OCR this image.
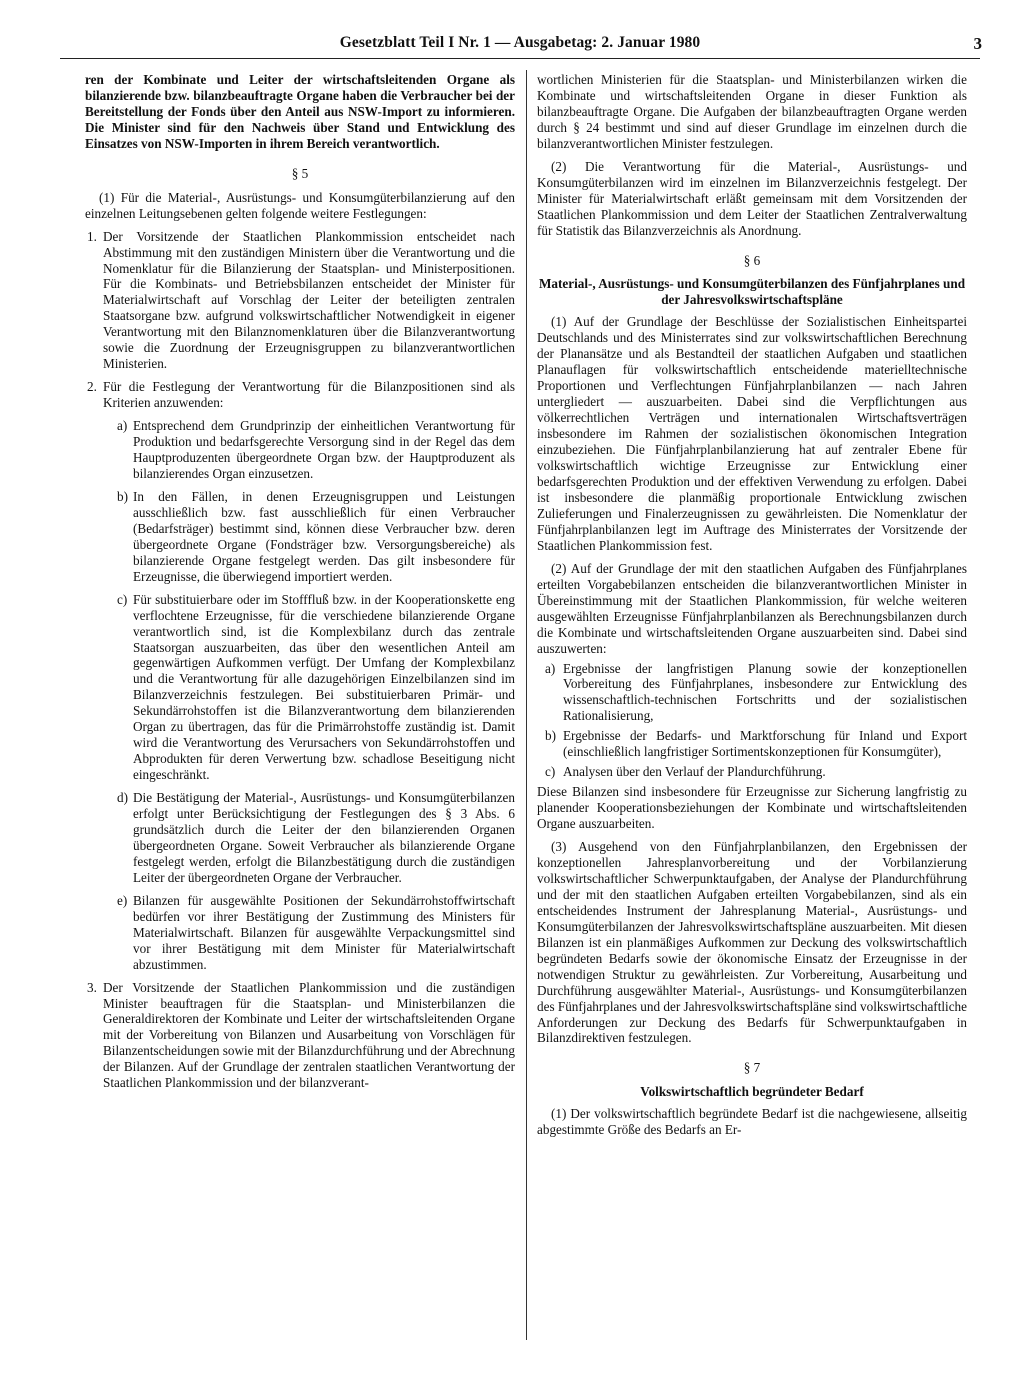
Gesetzblatt Teil I Nr. 1 — Ausgabetag: 2. Januar 1980	3

ren der Kombinate und Leiter der wirtschaftsleitenden Organe als bilanzierende bzw. bilanzbeauftragte Organe haben die Verbraucher bei der Bereitstellung der Fonds über den Anteil aus NSW-Import zu informieren. Die Minister sind für den Nachweis über Stand und Entwicklung des Einsatzes von NSW-Importen in ihrem Bereich verantwortlich.

§ 5

(1) Für die Material-, Ausrüstungs- und Konsumgüterbilanzierung auf den einzelnen Leitungsebenen gelten folgende weitere Festlegungen:

1. Der Vorsitzende der Staatlichen Plankommission entscheidet nach Abstimmung mit den zuständigen Ministern über die Verantwortung und die Nomenklatur für die Bilanzierung der Staatsplan- und Ministerpositionen. Für die Kombinats- und Betriebsbilanzen entscheidet der Minister für Materialwirtschaft auf Vorschlag der Leiter der beteiligten zentralen Staatsorgane bzw. aufgrund volkswirtschaftlicher Notwendigkeit in eigener Verantwortung mit den Bilanznomenklaturen über die Bilanzverantwortung sowie die Zuordnung der Erzeugnisgruppen zu bilanzverantwortlichen Ministerien.
2. Für die Festlegung der Verantwortung für die Bilanzpositionen sind als Kriterien anzuwenden:
a) Entsprechend dem Grundprinzip der einheitlichen Verantwortung für Produktion und bedarfsgerechte Versorgung sind in der Regel das dem Hauptproduzenten übergeordnete Organ bzw. der Hauptproduzent als bilanzierendes Organ einzusetzen.
b) In den Fällen, in denen Erzeugnisgruppen und Leistungen ausschließlich bzw. fast ausschließlich für einen Verbraucher (Bedarfsträger) bestimmt sind, können diese Verbraucher bzw. deren übergeordnete Organe (Fondsträger bzw. Versorgungsbereiche) als bilanzierende Organe festgelegt werden. Das gilt insbesondere für Erzeugnisse, die überwiegend importiert werden.
c) Für substituierbare oder im Stofffluß bzw. in der Kooperationskette eng verflochtene Erzeugnisse, für die verschiedene bilanzierende Organe verantwortlich sind, ist die Komplexbilanz durch das zentrale Staatsorgan auszuarbeiten, das über den wesentlichen Anteil am gegenwärtigen Aufkommen verfügt. Der Umfang der Komplexbilanz und die Verantwortung für alle dazugehörigen Einzelbilanzen sind im Bilanzverzeichnis festzulegen. Bei substituierbaren Primär- und Sekundärrohstoffen ist die Bilanzverantwortung dem bilanzierenden Organ zu übertragen, das für die Primärrohstoffe zuständig ist. Damit wird die Verantwortung des Verursachers von Sekundärrohstoffen und Abprodukten für deren Verwertung bzw. schadlose Beseitigung nicht eingeschränkt.
d) Die Bestätigung der Material-, Ausrüstungs- und Konsumgüterbilanzen erfolgt unter Berücksichtigung der Festlegungen des § 3 Abs. 6 grundsätzlich durch die Leiter der den bilanzierenden Organen übergeordneten Organe. Soweit Verbraucher als bilanzierende Organe festgelegt werden, erfolgt die Bilanzbestätigung durch die zuständigen Leiter der übergeordneten Organe der Verbraucher.
e) Bilanzen für ausgewählte Positionen der Sekundärrohstoffwirtschaft bedürfen vor ihrer Bestätigung der Zustimmung des Ministers für Materialwirtschaft. Bilanzen für ausgewählte Verpackungsmittel sind vor ihrer Bestätigung mit dem Minister für Materialwirtschaft abzustimmen.
3. Der Vorsitzende der Staatlichen Plankommission und die zuständigen Minister beauftragen für die Staatsplan- und Ministerbilanzen die Generaldirektoren der Kombinate und Leiter der wirtschaftsleitenden Organe mit der Vorbereitung von Bilanzen und Ausarbeitung von Vorschlägen für Bilanzentscheidungen sowie mit der Bilanzdurchführung und der Abrechnung der Bilanzen. Auf der Grundlage der zentralen staatlichen Verantwortung der Staatlichen Plankommission und der bilanzverant-

wortlichen Ministerien für die Staatsplan- und Ministerbilanzen wirken die Kombinate und wirtschaftsleitenden Organe in dieser Funktion als bilanzbeauftragte Organe. Die Aufgaben der bilanzbeauftragten Organe werden durch § 24 bestimmt und sind auf dieser Grundlage im einzelnen durch die bilanzverantwortlichen Minister festzulegen.

(2) Die Verantwortung für die Material-, Ausrüstungs- und Konsumgüterbilanzen wird im einzelnen im Bilanzverzeichnis festgelegt. Der Minister für Materialwirtschaft erläßt gemeinsam mit dem Vorsitzenden der Staatlichen Plankommission und dem Leiter der Staatlichen Zentralverwaltung für Statistik das Bilanzverzeichnis als Anordnung.

§ 6

Material-, Ausrüstungs- und Konsumgüterbilanzen des Fünfjahrplanes und der Jahresvolkswirtschaftspläne

(1) Auf der Grundlage der Beschlüsse der Sozialistischen Einheitspartei Deutschlands und des Ministerrates sind zur volkswirtschaftlichen Berechnung der Planansätze und als Bestandteil der staatlichen Aufgaben und staatlichen Planauflagen für volkswirtschaftlich entscheidende materielltechnische Proportionen und Verflechtungen Fünfjahrplanbilanzen — nach Jahren untergliedert — auszuarbeiten. Dabei sind die Verpflichtungen aus völkerrechtlichen Verträgen und internationalen Wirtschaftsverträgen insbesondere im Rahmen der sozialistischen ökonomischen Integration einzubeziehen. Die Fünfjahrplanbilanzierung hat auf zentraler Ebene für volkswirtschaftlich wichtige Erzeugnisse zur Entwicklung einer bedarfsgerechten Produktion und der effektiven Verwendung zu erfolgen. Dabei ist insbesondere die planmäßig proportionale Entwicklung zwischen Zulieferungen und Finalerzeugnissen zu gewährleisten. Die Nomenklatur der Fünfjahrplanbilanzen legt im Auftrage des Ministerrates der Vorsitzende der Staatlichen Plankommission fest.

(2) Auf der Grundlage der mit den staatlichen Aufgaben des Fünfjahrplanes erteilten Vorgabebilanzen entscheiden die bilanzverantwortlichen Minister in Übereinstimmung mit der Staatlichen Plankommission, für welche weiteren ausgewählten Erzeugnisse Fünfjahrplanbilanzen als Berechnungsbilanzen durch die Kombinate und wirtschaftsleitenden Organe auszuarbeiten sind. Dabei sind auszuwerten:

a) Ergebnisse der langfristigen Planung sowie der konzeptionellen Vorbereitung des Fünfjahrplanes, insbesondere zur Entwicklung des wissenschaftlich-technischen Fortschritts und der sozialistischen Rationalisierung,
b) Ergebnisse der Bedarfs- und Marktforschung für Inland und Export (einschließlich langfristiger Sortimentskonzeptionen für Konsumgüter),
c) Analysen über den Verlauf der Plandurchführung.

Diese Bilanzen sind insbesondere für Erzeugnisse zur Sicherung langfristig zu planender Kooperationsbeziehungen der Kombinate und wirtschaftsleitenden Organe auszuarbeiten.

(3) Ausgehend von den Fünfjahrplanbilanzen, den Ergebnissen der konzeptionellen Jahresplanvorbereitung und der Vorbilanzierung volkswirtschaftlicher Schwerpunktaufgaben, der Analyse der Plandurchführung und der mit den staatlichen Aufgaben erteilten Vorgabebilanzen, sind als ein entscheidendes Instrument der Jahresplanung Material-, Ausrüstungs- und Konsumgüterbilanzen der Jahresvolkswirtschaftspläne auszuarbeiten. Mit diesen Bilanzen ist ein planmäßiges Aufkommen zur Deckung des volkswirtschaftlich begründeten Bedarfs sowie der ökonomische Einsatz der Erzeugnisse in der notwendigen Struktur zu gewährleisten. Zur Vorbereitung, Ausarbeitung und Durchführung ausgewählter Material-, Ausrüstungs- und Konsumgüterbilanzen des Fünfjahrplanes und der Jahresvolkswirtschaftspläne sind volkswirtschaftliche Anforderungen zur Deckung des Bedarfs für Schwerpunktaufgaben in Bilanzdirektiven festzulegen.

§ 7

Volkswirtschaftlich begründeter Bedarf

(1) Der volkswirtschaftlich begründete Bedarf ist die nachgewiesene, allseitig abgestimmte Größe des Bedarfs an Er-
